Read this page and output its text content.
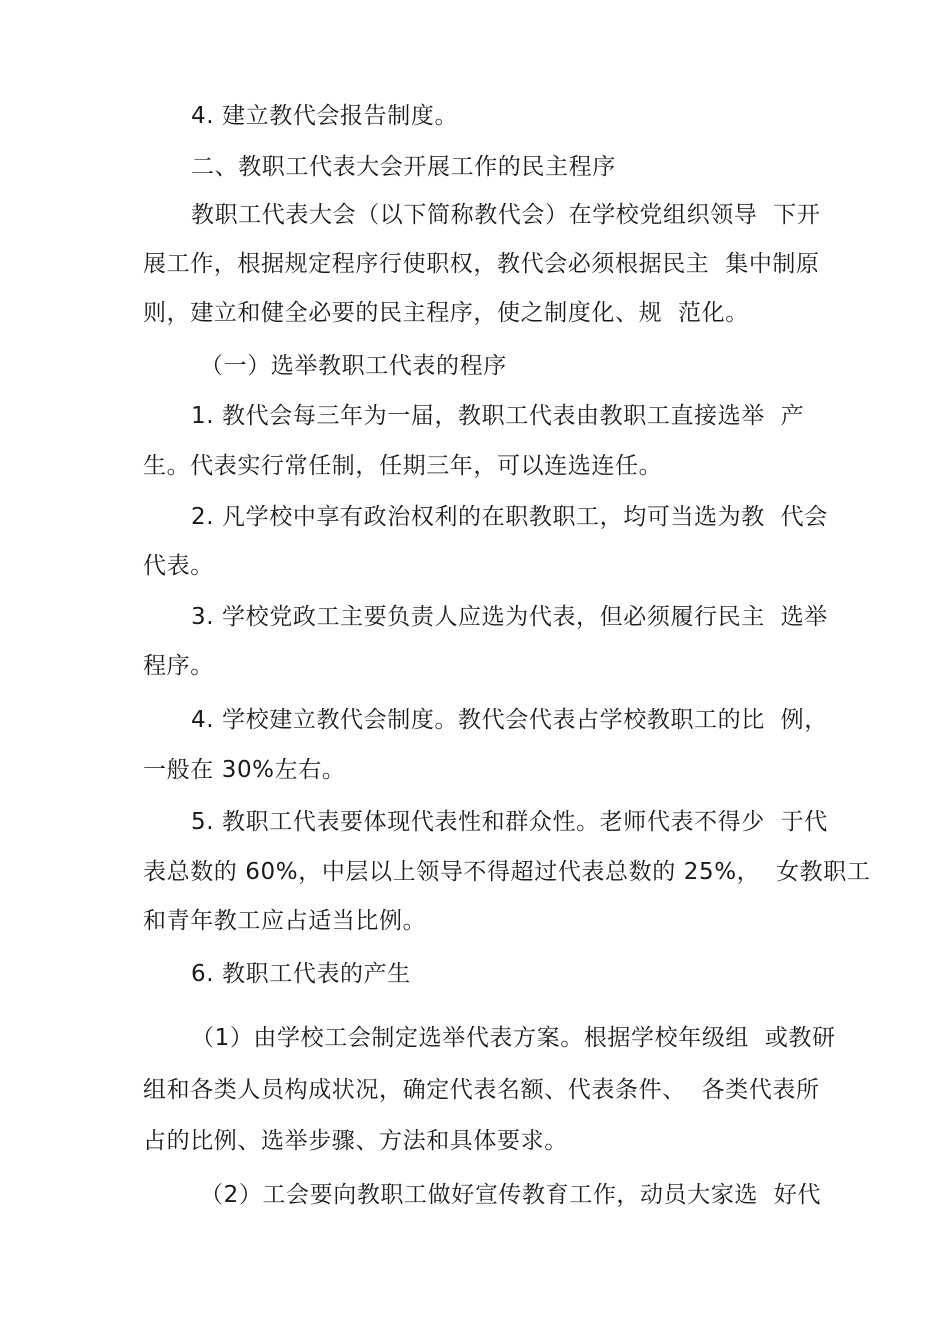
4. 建立教代会报告制度。
二、教职工代表大会开展工作的民主程序
教职工代表大会（以下简称教代会）在学校党组织领导  下开
展工作，根据规定程序行使职权，教代会必须根据民主  集中制原
则，建立和健全必要的民主程序，使之制度化、规  范化。
（一）选举教职工代表的程序
1. 教代会每三年为一届，教职工代表由教职工直接选举  产
生。代表实行常任制，任期三年，可以连选连任。
2. 凡学校中享有政治权利的在职教职工，均可当选为教  代会
代表。
3. 学校党政工主要负责人应选为代表，但必须履行民主  选举
程序。
4. 学校建立教代会制度。教代会代表占学校教职工的比  例，
一般在 30%左右。
5. 教职工代表要体现代表性和群众性。老师代表不得少  于代
表总数的 60%，中层以上领导不得超过代表总数的 25%，  女教职工
和青年教工应占适当比例。
6. 教职工代表的产生
（1）由学校工会制定选举代表方案。根据学校年级组  或教研
组和各类人员构成状况，确定代表名额、代表条件、  各类代表所
占的比例、选举步骤、方法和具体要求。
（2）工会要向教职工做好宣传教育工作，动员大家选  好代
